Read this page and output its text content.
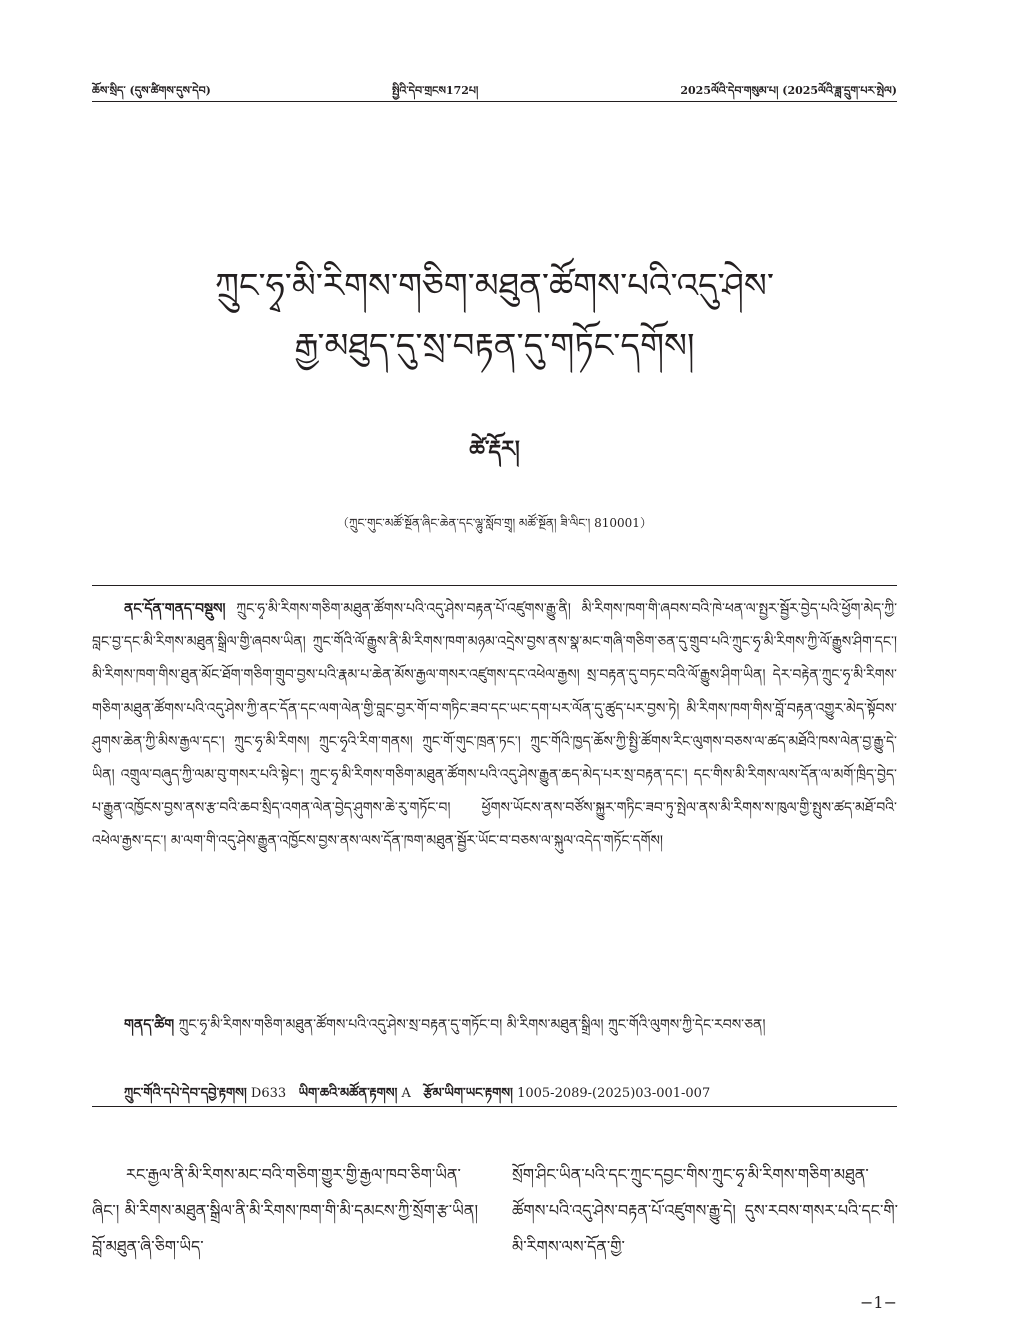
ཆོས་སྲིད་ (དུས་ཚིགས་དུས་དེབ)	སྤྱིའི་དེབ་གྲངས172པ།	2025ལོའི་དེབ་གསུམ་པ། (2025ལོའི་ཟླ་དྲུག་པར་སྤེལ)
ཀྲུང་ཧྭ་མི་རིགས་གཅིག་མཐུན་ཚོགས་པའི་འདུ་ཤེས་
རྒྱ་མཐུད་དུ་སྲ་བརྟན་དུ་གཏོང་དགོས།
ཚེ་རྡོར།
（ཀྲུང་གུང་མཚོ་སྔོན་ཞིང་ཆེན་དང་ལྷུ་སློབ་གྲྭ། མཚོ་སྔོན། ཟི་ལིང་། 810001）
ནང་དོན་གནད་བསྡུས། ཀྲུང་ཧྭ་མི་རིགས་གཅིག་མཐུན་ཚོགས་པའི་འདུ་ཤེས་བརྟན་པོ་འཛུགས་རྒྱུ་ནི། མི་རིགས་ཁག་གི་ཞབས་བའི་ཁེ་ཕན་ལ་སྤྱར་སྦྱོར་བྱེད་པའི་ཕྱོག་མེད་ཀྱི་བླང་བྱ་དང་མི་རིགས་མཐུན་སྒྲིལ་གྱི་ཞབས་ཡིན། ཀྲུང་གོའི་ལོ་རྒྱུས་ནི་མི་རིགས་ཁག་མཉམ་འདྲེས་བྱས་ནས་སྣ་མང་གཞི་གཅིག་ཅན་དུ་གྲུབ་པའི་ཀྲུང་ཧྭ་མི་རིགས་ཀྱི་ལོ་རྒྱུས་ཤིག་དང་། མི་རིགས་ཁག་གིས་ཐུན་མོང་ཐོག་གཅིག་གྲུབ་བྱས་པའི་རྣམ་པ་ཆེན་མོས་རྒྱལ་གསར་འཛུགས་དང་འཕེལ་རྒྱས། སྲ་བརྟན་དུ་བཏང་བའི་ལོ་རྒྱུས་ཤིག་ཡིན། དེར་བརྟེན་ཀྲུང་ཧྭ་མི་རིགས་གཅིག་མཐུན་ཚོགས་པའི་འདུ་ཤེས་ཀྱི་ནང་དོན་དང་ལག་ལེན་གྱི་བླང་བྱར་གོ་བ་གཏིང་ཟབ་དང་ཡང་དག་པར་ལོན་དུ་ཚུད་པར་བྱས་ཏེ། མི་རིགས་ཁག་གིས་བློ་བརྟན་འགྱུར་མེད་སྟོབས་ཤུགས་ཆེན་ཀྱི་མིས་རྒྱལ་དང་། ཀྲུང་ཧྭ་མི་རིགས། ཀྲུང་ཧྭའི་རིག་གནས། ཀྲུང་གོ་གུང་ཁྲན་ཏང་། ཀྲུང་གོའི་ཁྱད་ཆོས་ཀྱི་སྤྱི་ཚོགས་རིང་ལུགས་བཅས་ལ་ཚད་མཐོའི་ཁས་ལེན་བྱ་རྒྱུ་དེ་ཡིན། འགྲུལ་བཞུད་ཀྱི་ལམ་བུ་གསར་པའི་སྟེང་། ཀྲུང་ཧྭ་མི་རིགས་གཅིག་མཐུན་ཚོགས་པའི་འདུ་ཤེས་རྒྱུན་ཆད་མེད་པར་སྲ་བརྟན་དང་། དང་གིས་མི་རིགས་ལས་དོན་ལ་མགོ་ཁྲིད་བྱེད་པ་རྒྱུན་འཁྱོངས་བྱས་ནས་རྩ་བའི་ཆབ་སྲིད་འགན་ལེན་བྱེད་ཤུགས་ཆེ་རུ་གཏོང་བ། ཕྱོགས་ཡོངས་ནས་བཙོས་སྐྱུར་གཏིང་ཟབ་ཏུ་སྤེལ་ནས་མི་རིགས་ས་ཁུལ་གྱི་སྤུས་ཚད་མཐོ་བའི་འཕེལ་རྒྱས་དང་། མ་ལག་གི་འདུ་ཤེས་རྒྱུན་འཁྱོངས་བྱས་ནས་ལས་དོན་ཁག་མཐུན་སྦྱོར་ཡོང་བ་བཅས་ལ་སྐུལ་འདེད་གཏོང་དགོས།
གནད་ཚིག ཀྲུང་ཧྭ་མི་རིགས་གཅིག་མཐུན་ཚོགས་པའི་འདུ་ཤེས་སྲ་བརྟན་དུ་གཏོང་བ། མི་རིགས་མཐུན་སྒྲིལ། ཀྲུང་གོའི་ལུགས་ཀྱི་དེང་རབས་ཅན།
ཀྲུང་གོའི་དཔེ་དེབ་དབྱེ་རྟགས། D633 ཡིག་ཆའི་མཚོན་རྟགས། A རྩོམ་ཡིག་ཡང་རྟགས། 1005-2089-(2025)03-001-007
རང་རྒྱལ་ནི་མི་རིགས་མང་བའི་གཅིག་གྱུར་གྱི་རྒྱལ་ཁབ་ཅིག་ཡིན་ཞིང་། མི་རིགས་མཐུན་སྒྲིལ་ནི་མི་རིགས་ཁག་གི་མི་དམངས་ཀྱི་སྲོག་རྩ་ཡིན། བློ་མཐུན་ཞི་ཅིག་ཡིད་
སྲོག་ཤིང་ཡིན་པའི་དང་ཀྲུང་དབྱང་གིས་ཀྲུང་ཧྭ་མི་རིགས་གཅིག་མཐུན་ཚོགས་པའི་འདུ་ཤེས་བརྟན་པོ་འཛུགས་རྒྱུ་དེ། དུས་རབས་གསར་པའི་དང་གི་མི་རིགས་ལས་དོན་གྱི་
−1−
